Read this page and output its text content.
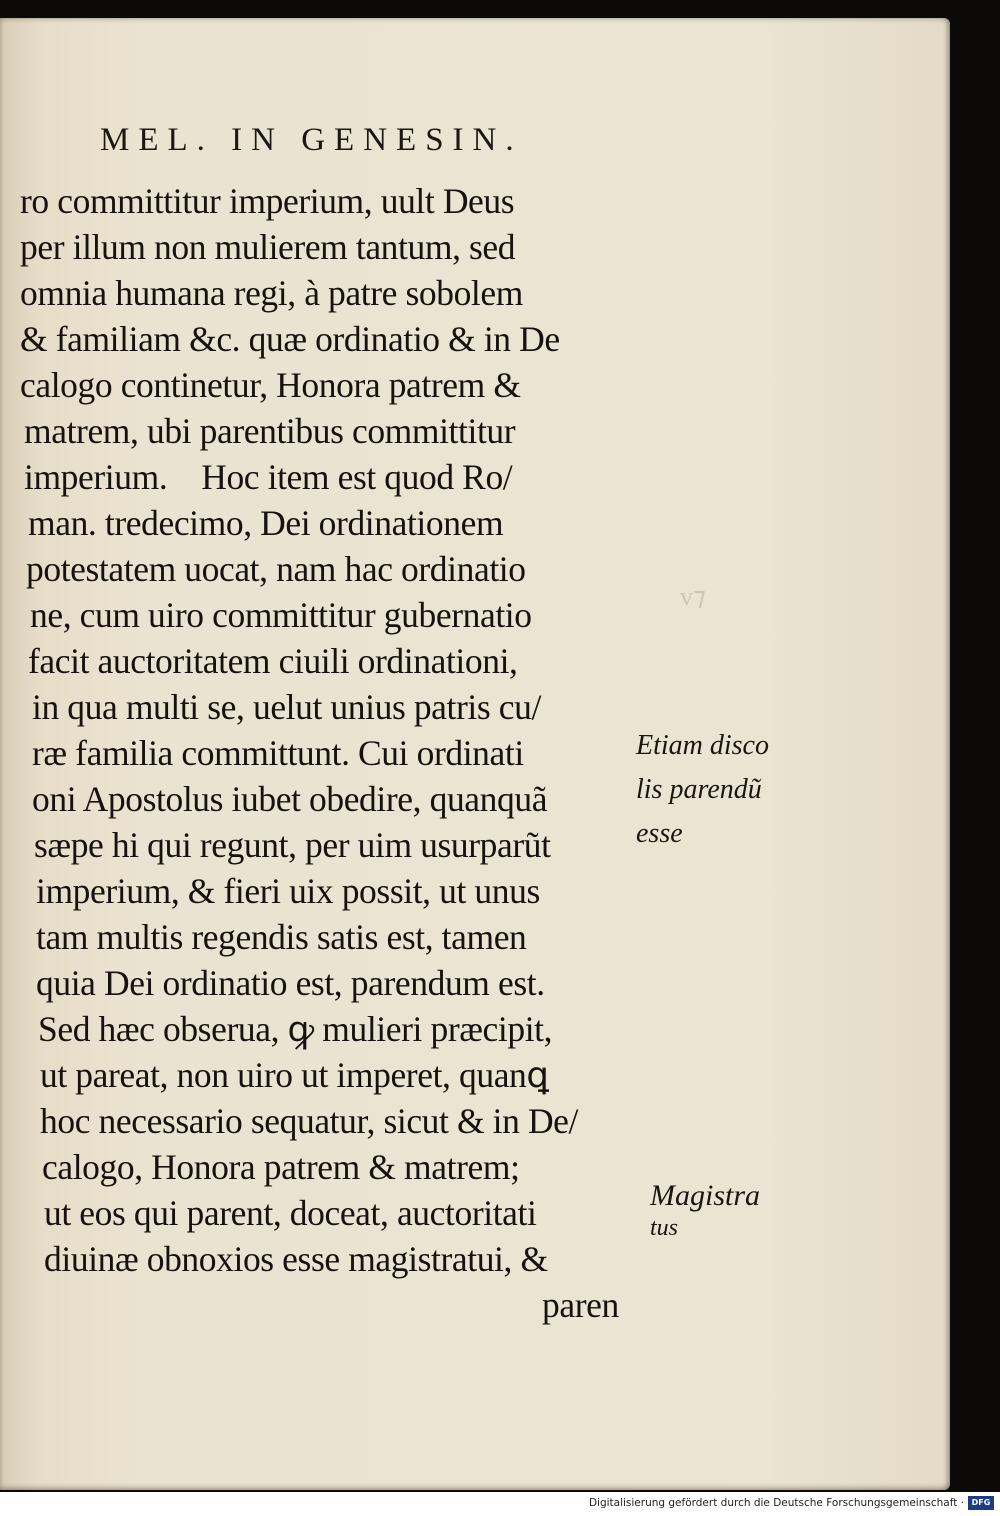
MEL. IN GENESIN.
ro committitur imperium, uult Deus
per illum non mulierem tantum, sed
omnia humana regi, à patre sobolem
& familiam &c. quæ ordinatio & in De
calogo continetur, Honora patrem &
matrem, ubi parentibus committitur
imperium.    Hoc item est quod Ro/
man. tredecimo, Dei ordinationem
potestatem uocat, nam hac ordinatio
ne, cum uiro committitur gubernatio
facit auctoritatem ciuili ordinationi,
in qua multi se, uelut unius patris cu/
ræ familia committunt. Cui ordinati
oni Apostolus iubet obedire, quanquã
sæpe hi qui regunt, per uim usurparũt
imperium, & fieri uix possit, ut unus
tam multis regendis satis est, tamen
quia Dei ordinatio est, parendum est.
Sed hæc obserua, ꝙ mulieri præcipit,
ut pareat, non uiro ut imperet, quanꝗ
hoc necessario sequatur, sicut & in De/
calogo, Honora patrem & matrem;
ut eos qui parent, doceat, auctoritati
diuinæ obnoxios esse magistratui, &
paren
Etiam disco
lis parendũ
esse
Magistra
tus
v⁊​
Digitalisierung gefördert durch die Deutsche Forschungsgemeinschaft · DFG
